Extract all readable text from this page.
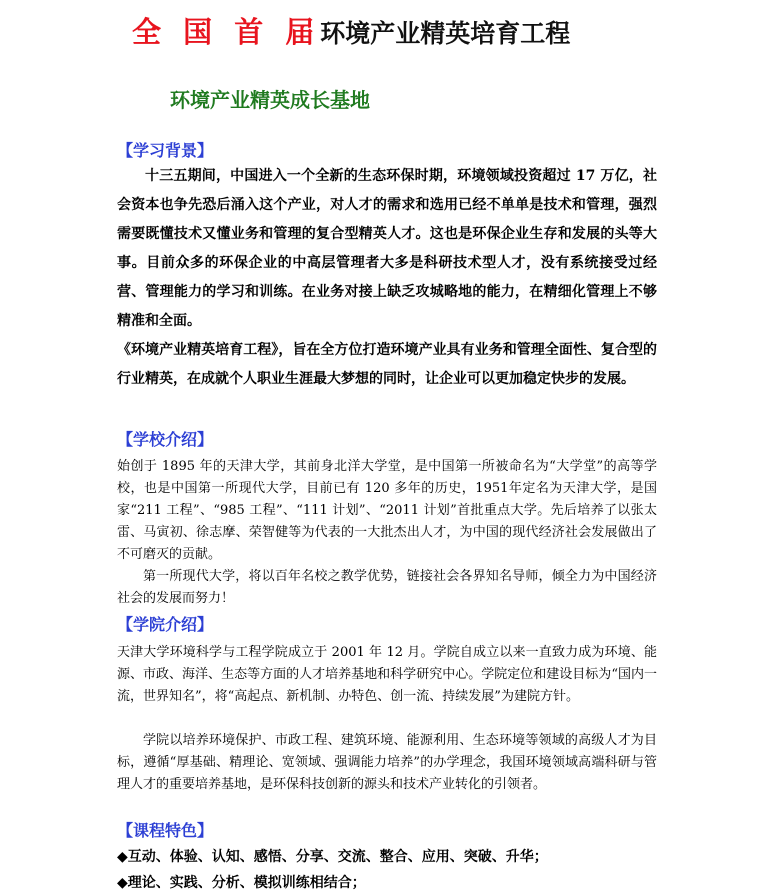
全 国 首 届环境产业精英培育工程
环境产业精英成长基地
【学习背景】

十三五期间，中国进入一个全新的生态环保时期，环境领域投资超过 17 万亿，社会资本也争先恐后涌入这个产业，对人才的需求和选用已经不单单是技术和管理，强烈需要既懂技术又懂业务和管理的复合型精英人才。这也是环保企业生存和发展的头等大事。目前众多的环保企业的中高层管理者大多是科研技术型人才，没有系统接受过经营、管理能力的学习和训练。在业务对接上缺乏攻城略地的能力，在精细化管理上不够精准和全面。

《环境产业精英培育工程》，旨在全方位打造环境产业具有业务和管理全面性、复合型的行业精英，在成就个人职业生涯最大梦想的同时，让企业可以更加稳定快步的发展。

【学校介绍】

始创于 1895 年的天津大学，其前身北洋大学堂，是中国第一所被命名为“大学堂”的高等学校，也是中国第一所现代大学，目前已有 120 多年的历史，1951年定名为天津大学，是国家“211 工程”、“985 工程”、“111 计划”、“2011 计划”首批重点大学。先后培养了以张太雷、马寅初、徐志摩、荣智健等为代表的一大批杰出人才，为中国的现代经济社会发展做出了不可磨灭的贡献。

第一所现代大学，将以百年名校之教学优势，链接社会各界知名导师，倾全力为中国经济社会的发展而努力！

【学院介绍】

天津大学环境科学与工程学院成立于 2001 年 12 月。学院自成立以来一直致力成为环境、能源、市政、海洋、生态等方面的人才培养基地和科学研究中心。学院定位和建设目标为“国内一流，世界知名”，将“高起点、新机制、办特色、创一流、持续发展”为建院方针。

学院以培养环境保护、市政工程、建筑环境、能源利用、生态环境等领域的高级人才为目标，遵循“厚基础、精理论、宽领域、强调能力培养”的办学理念，我国环境领域高端科研与管理人才的重要培养基地，是环保科技创新的源头和技术产业转化的引领者。

【课程特色】
◆互动、体验、认知、感悟、分享、交流、整合、应用、突破、升华；
◆理论、实践、分析、模拟训练相结合；
